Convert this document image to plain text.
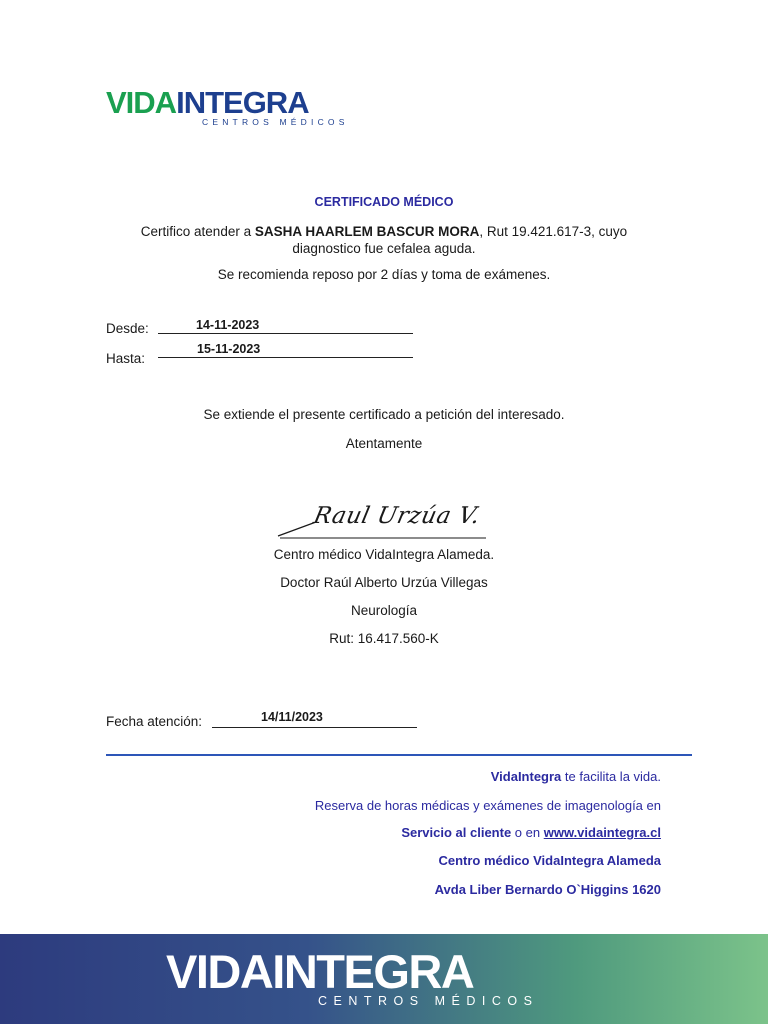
VIDAINTEGRA
CENTROS MÉDICOS
CERTIFICADO MÉDICO
Certifico atender a SASHA HAARLEM BASCUR MORA, Rut 19.421.617-3, cuyo diagnostico fue cefalea aguda.
Se recomienda reposo por 2 días y toma de exámenes.
Desde:	14-11-2023
Hasta:
15-11-2023
Se extiende el presente certificado a petición del interesado.
Atentamente
Raul Urzúa V.
Centro médico VidaIntegra Alameda.
Doctor Raúl Alberto Urzúa Villegas
Neurología
Rut: 16.417.560-K
Fecha atención:	14/11/2023
VidaIntegra te facilita la vida.
Reserva de horas médicas y exámenes de imagenología en
Servicio al cliente o en www.vidaintegra.cl
Centro médico VidaIntegra Alameda
Avda Liber Bernardo O`Higgins 1620
VIDAINTEGRA
CENTROS MÉDICOS
